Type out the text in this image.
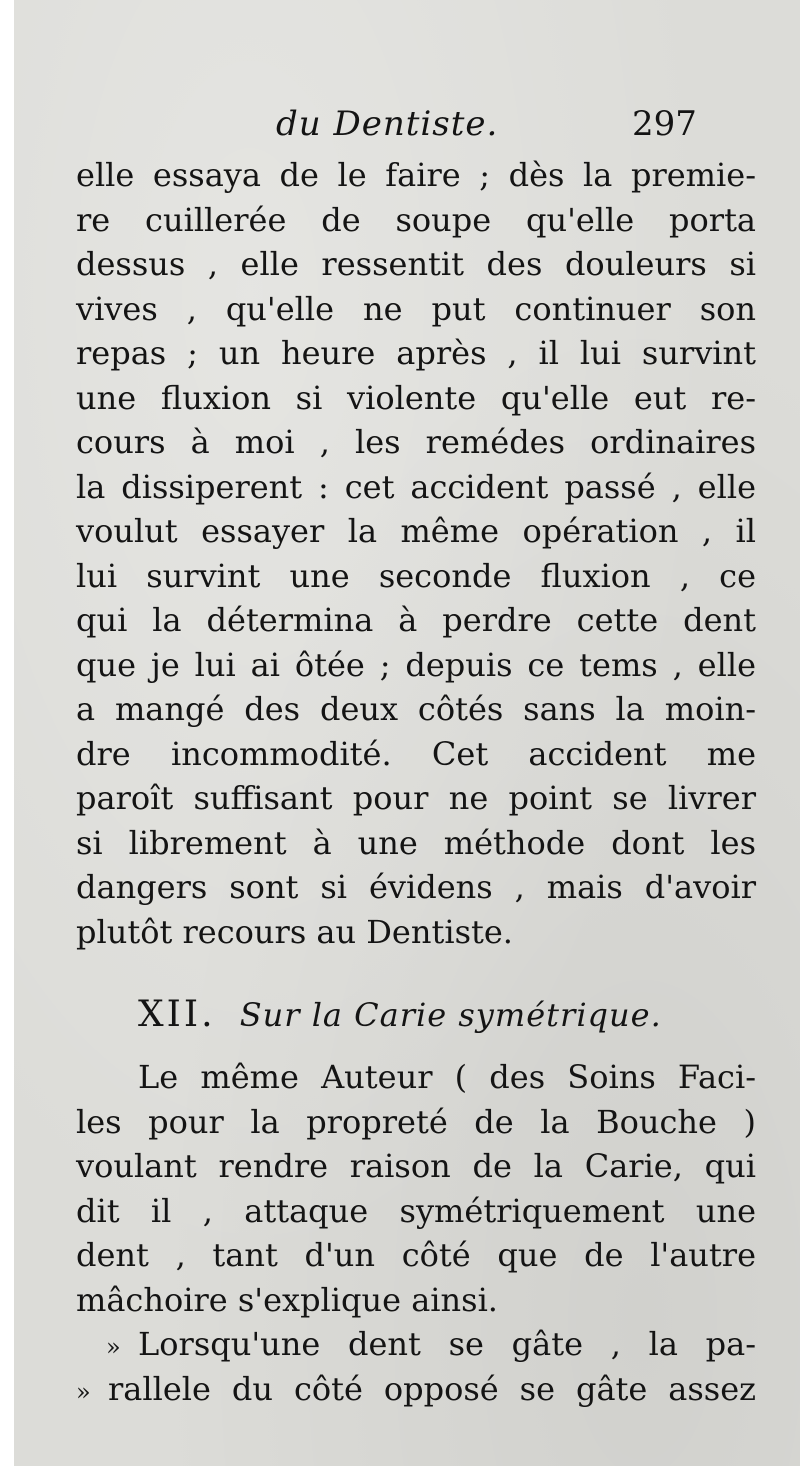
du Dentiste.	297
elle essaya de le faire ; dès la premie-
re cuillerée de soupe qu'elle porta
dessus , elle ressentit des douleurs si
vives , qu'elle ne put continuer son
repas ; un heure après , il lui survint
une fluxion si violente qu'elle eut re-
cours à moi , les remédes ordinaires
la dissiperent : cet accident passé , elle
voulut essayer la même opération , il
lui survint une seconde fluxion , ce
qui la détermina à perdre cette dent
que je lui ai ôtée ; depuis ce tems , elle
a mangé des deux côtés sans la moin-
dre incommodité. Cet accident me
paroît suffisant pour ne point se livrer
si librement à une méthode dont les
dangers sont si évidens , mais d'avoir
plutôt recours au Dentiste.
XII. Sur la Carie symétrique.
Le même Auteur ( des Soins Faci-
les pour la propreté de la Bouche )
voulant rendre raison de la Carie, qui
dit il , attaque symétriquement une
dent , tant d'un côté que de l'autre
mâchoire s'explique ainsi.
» Lorsqu'une dent se gâte , la pa-
» rallele du côté opposé se gâte assez
